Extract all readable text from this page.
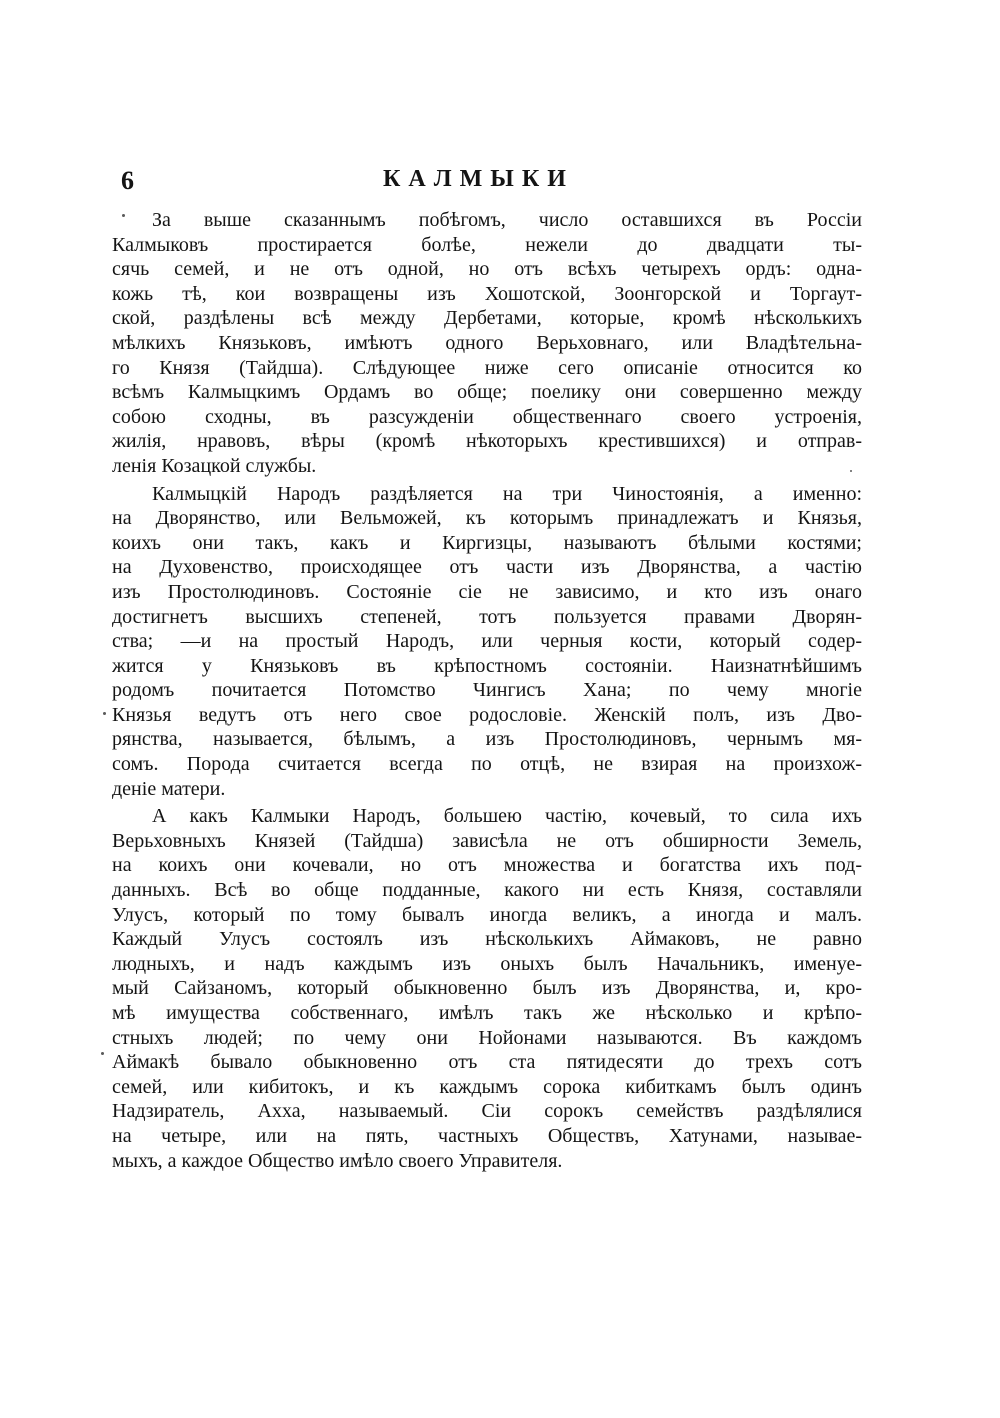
6	КАЛМЫКИ
За выше сказаннымъ побѣгомъ, число оставшихся въ Россіи
Калмыковъ простирается болѣе, нежели до двадцати ты-
сячь семей, и не отъ одной, но отъ всѣхъ четырехъ ордъ: одна-
кожь тѣ, кои возвращены изъ Хошотской, Зоонгорской и Торгаут-
ской, раздѣлены всѣ между Дербетами, которые, кромѣ нѣсколькихъ
мѣлкихъ Князьковъ, имѣютъ одного Верьховнаго, или Владѣтельна-
го Князя (Тайдша). Слѣдующее ниже сего описаніе относится ко
всѣмъ Калмыцкимъ Ордамъ во обще; поелику они совершенно между
собою сходны, въ разсужденіи общественнаго своего устроенія,
жилія, нравовъ, вѣры (кромѣ нѣкоторыхъ крестившихся) и отправ-
ленія Козацкой службы.
Калмыцкій Народъ раздѣляется на три Чиностоянія, а именно:
на Дворянство, или Вельможей, къ которымъ принадлежатъ и Князья,
коихъ они такъ, какъ и Киргизцы, называютъ бѣлыми костями;
на Духовенство, происходящее отъ части изъ Дворянства, а частію
изъ Простолюдиновъ. Состояніе сіе не зависимо, и кто изъ онаго
достигнетъ высшихъ степеней, тотъ пользуется правами Дворян-
ства; —и на простый Народъ, или черныя кости, который содер-
жится у Князьковъ въ крѣпостномъ состояніи. Наизнатнѣйшимъ
родомъ почитается Потомство Чингисъ Хана; по чему многіе
Князья ведутъ отъ него свое родословіе. Женскій полъ, изъ Дво-
рянства, называется, бѣлымъ, а изъ Простолюдиновъ, чернымъ мя-
сомъ. Порода считается всегда по отцѣ, не взирая на произхож-
деніе матери.
А какъ Калмыки Народъ, большею частію, кочевый, то сила ихъ
Верьховныхъ Князей (Тайдша) зависѣла не отъ обширности Земель,
на коихъ они кочевали, но отъ множества и богатства ихъ под-
данныхъ. Всѣ во обще подданные, какого ни есть Князя, составляли
Улусъ, который по тому бывалъ иногда великъ, а иногда и малъ.
Каждый Улусъ состоялъ изъ нѣсколькихъ Аймаковъ, не равно
людныхъ, и надъ каждымъ изъ оныхъ былъ Начальникъ, именуе-
мый Сайзаномъ, который обыкновенно былъ изъ Дворянства, и, кро-
мѣ имущества собственнаго, имѣлъ такъ же нѣсколько и крѣпо-
стныхъ людей; по чему они Нойонами называются. Въ каждомъ
Аймакѣ бывало обыкновенно отъ ста пятидесяти до трехъ сотъ
семей, или кибитокъ, и къ каждымъ сорока кибиткамъ былъ одинъ
Надзиратель, Ахха, называемый. Сіи сорокъ семействъ раздѣлялися
на четыре, или на пять, частныхъ Обществъ, Хатунами, называе-
мыхъ, а каждое Общество имѣло своего Управителя.
